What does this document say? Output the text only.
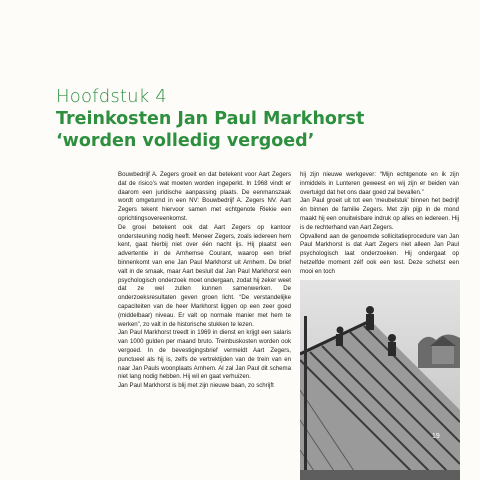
Hoofdstuk 4
Treinkosten Jan Paul Markhorst
‘worden volledig vergoed’

Bouwbedrijf A. Zegers groeit en dat betekent voor Aart Zegers dat de risico’s wat moeten worden ingeperkt. In 1968 vindt er daarom een juridische aanpassing plaats. De eenmanszaak wordt omgeturnd in een NV: Bouwbedrijf A. Zegers NV. Aart Zegers tekent hiervoor samen met echtgenote Riekie een oprichtingsovereenkomst.

De groei betekent ook dat Aart Zegers op kantoor ondersteuning nodig heeft. Meneer Zegers, zoals iedereen hem kent, gaat hierbij niet over één nacht ijs. Hij plaatst een advertentie in de Arnhemse Courant, waarop een brief binnenkomt van ene Jan Paul Markhorst uit Arnhem. De brief valt in de smaak, maar Aart besluit dat Jan Paul Markhorst een psychologisch onderzoek moet ondergaan, zodat hij zeker weet dat ze wel zullen kunnen samenwerken. De onderzoeksresultaten geven groen licht. “De verstandelijke capaciteiten van de heer Markhorst liggen op een zeer goed (middelbaar) niveau. Er valt op normale manier met hem te werken”, zo valt in de historische stukken te lezen.

Jan Paul Markhorst treedt in 1969 in dienst en krijgt een salaris van 1000 gulden per maand bruto. Treinbuskosten worden ook vergoed. In de bevestigingsbrief vermeldt Aart Zegers, punctueel als hij is, zelfs de vertrektijden van de trein van en naar Jan Pauls woonplaats Arnhem. Al zal Jan Paul dit schema niet lang nodig hebben. Hij wil en gaat verhuizen.

Jan Paul Markhorst is blij met zijn nieuwe baan, zo schrijft

hij zijn nieuwe werkgever: “Mijn echtgenote en ik zijn inmiddels in Lunteren geweest en wij zijn er beiden van overtuigd dat het ons daar goed zal bevallen.”

Jan Paul groeit uit tot een ‘meubelstuk’ binnen het bedrijf én binnen de familie Zegers. Met zijn pijp in de mond maakt hij een onuitwisbare indruk op alles en iedereen. Hij is de rechterhand van Aart Zegers.

Opvallend aan de genoemde sollicitatieprocedure van Jan Paul Markhorst is dat Aart Zegers niet alleen Jan Paul psychologisch laat onderzoeken. Hij ondergaat op hetzelfde moment zélf ook een test. Deze schetst een mooi en toch

19
